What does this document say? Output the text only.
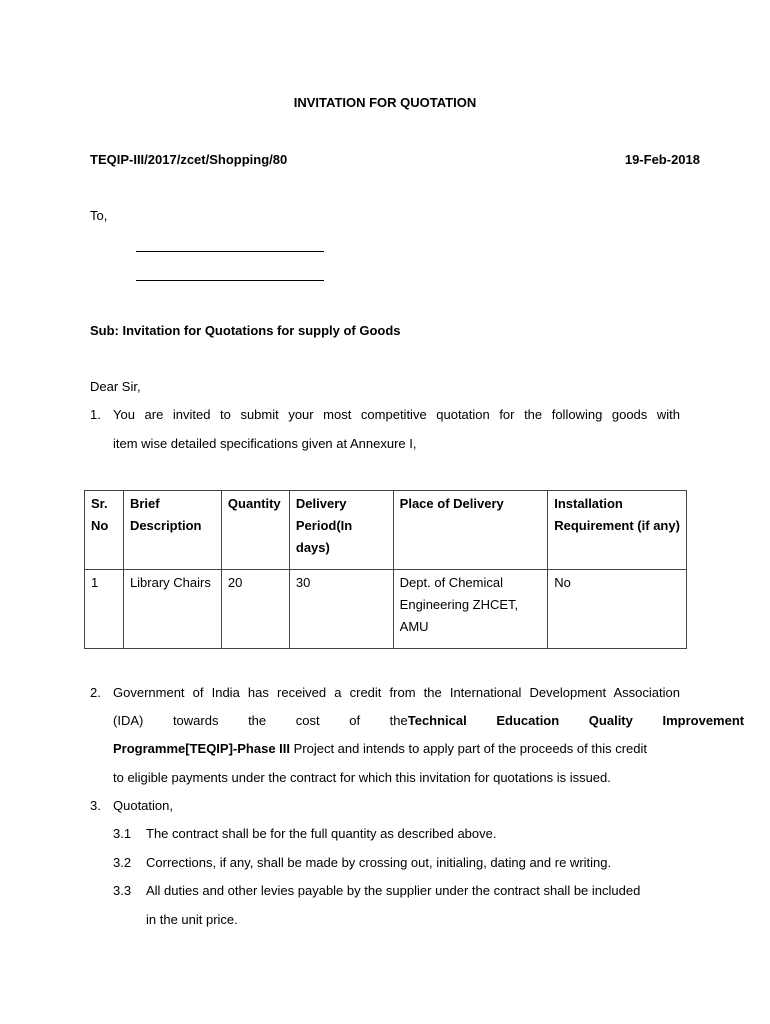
INVITATION FOR QUOTATION
TEQIP-III/2017/zcet/Shopping/80	19-Feb-2018
To,
Sub: Invitation for Quotations for supply of Goods
Dear Sir,
1. You are invited to submit your most competitive quotation for the following goods with
item wise detailed specifications given at Annexure I,
Sr. No	Brief Description	Quantity	Delivery Period(In days)	Place of Delivery	Installation Requirement (if any)
1	Library Chairs	20	30	Dept. of Chemical Engineering ZHCET, AMU	No
2. Government of India has received a credit from the International Development Association
(IDA) towards the cost of the Technical Education Quality Improvement
Programme[TEQIP]-Phase III Project and intends to apply part of the proceeds of this credit
to eligible payments under the contract for which this invitation for quotations is issued.
3. Quotation,
3.1 The contract shall be for the full quantity as described above.
3.2 Corrections, if any, shall be made by crossing out, initialing, dating and re writing.
3.3 All duties and other levies payable by the supplier under the contract shall be included
in the unit price.
